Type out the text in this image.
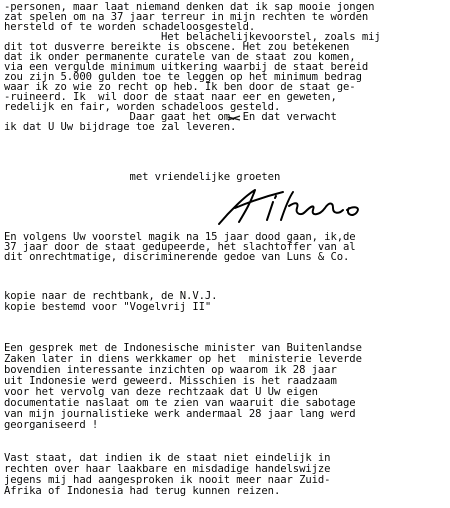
-personen, maar laat niemand denken dat ik sap mooie jongen
zat spelen om na 37 jaar terreur in mijn rechten te worden
hersteld of te worden schadeloosgesteld.
Het belachelijkevoorstel, zoals mij
dit tot dusverre bereikte is obscene. Het zou betekenen
dat ik onder permanente curatele van de staat zou komen,
via een vergulde minimum uitkering waarbij de staat bereid
zou zijn 5.000 gulden toe te leggen op het minimum bedrag
waar ik zo wie zo recht op heb. Ik ben door de staat ge-
-ruineerd. Ik  wil door de staat naar eer en geweten,
redelijk en fair, worden schadeloos gesteld.
Daar gaat het om. En dat verwacht
ik dat U Uw bijdrage toe zal leveren.
met vriendelijke groeten
En volgens Uw voorstel magik na 15 jaar dood gaan, ik,de
37 jaar door de staat gedupeerde, het slachtoffer van al
dit onrechtmatige, discriminerende gedoe van Luns & Co.
kopie naar de rechtbank, de N.V.J.
kopie bestemd voor "Vogelvrij II"
Een gesprek met de Indonesische minister van Buitenlandse
Zaken later in diens werkkamer op het  ministerie leverde
bovendien interessante inzichten op waarom ik 28 jaar
uit Indonesie werd geweerd. Misschien is het raadzaam
voor het vervolg van deze rechtzaak dat U Uw eigen
documentatie naslaat om te zien van waaruit die sabotage
van mijn journalistieke werk andermaal 28 jaar lang werd
georganiseerd !
Vast staat, dat indien ik de staat niet eindelijk in
rechten over haar laakbare en misdadige handelswijze
jegens mij had aangesproken ik nooit meer naar Zuid-
Afrika of Indonesia had terug kunnen reizen.
